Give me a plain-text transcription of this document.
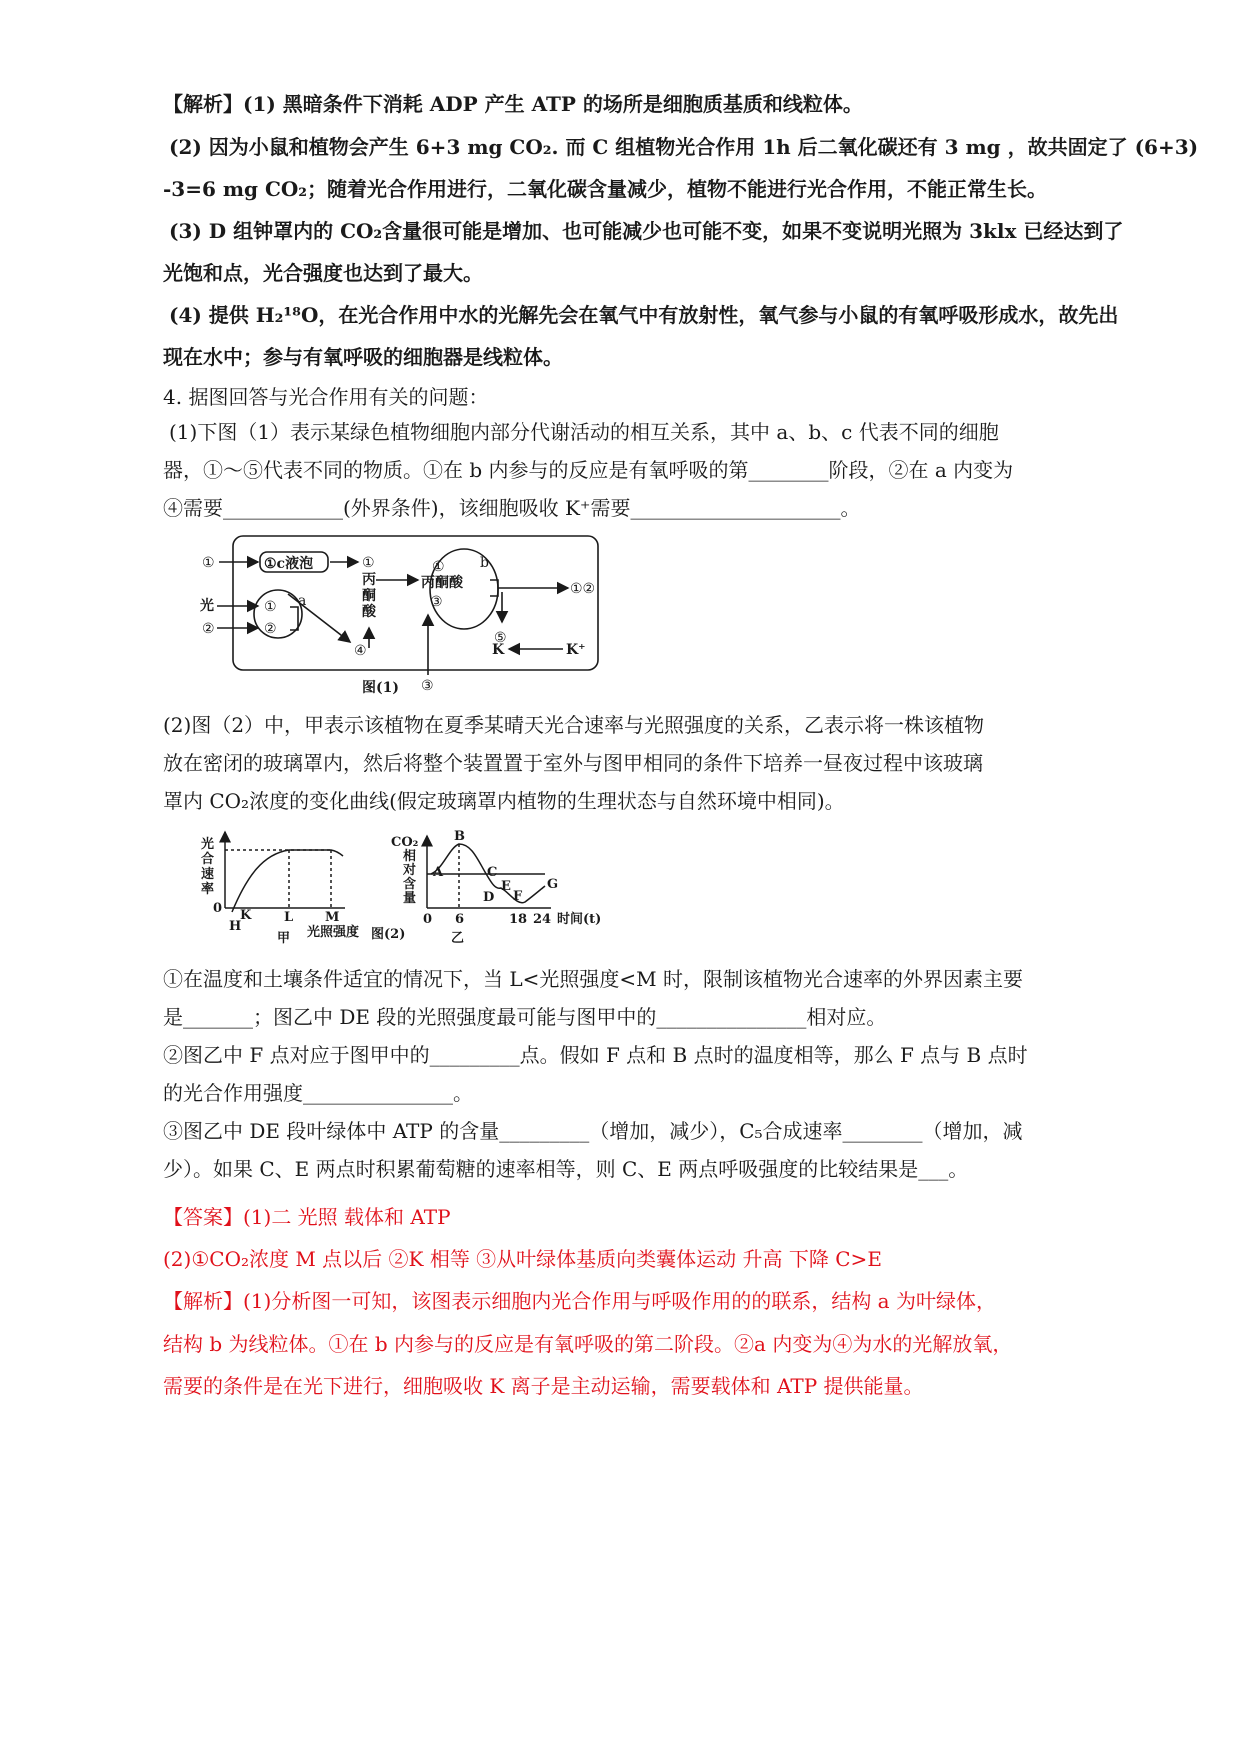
【解析】(1) 黑暗条件下消耗 ADP 产生 ATP 的场所是细胞质基质和线粒体。
(2) 因为小鼠和植物会产生 6+3 mg CO₂. 而 C 组植物光合作用 1h 后二氧化碳还有 3 mg ，故共固定了 (6+3)
-3=6 mg CO₂；随着光合作用进行，二氧化碳含量减少，植物不能进行光合作用，不能正常生长。
(3) D 组钟罩内的 CO₂含量很可能是增加、也可能减少也可能不变，如果不变说明光照为 3klx 已经达到了
光饱和点，光合强度也达到了最大。
(4) 提供 H₂¹⁸O，在光合作用中水的光解先会在氧气中有放射性，氧气参与小鼠的有氧呼吸形成水，故先出
现在水中；参与有氧呼吸的细胞器是线粒体。
4. 据图回答与光合作用有关的问题：
(1)下图（1）表示某绿色植物细胞内部分代谢活动的相互关系，其中 a、b、c 代表不同的细胞
器，①～⑤代表不同的物质。①在 b 内参与的反应是有氧呼吸的第________阶段，②在 a 内变为
④需要____________(外界条件)，该细胞吸收 K⁺需要_____________________。
①	①c液泡	①
丙
酮
酸
①
丙酮酸
③
b
①②
光
②
①
②
a
④
⑤
K	K⁺
③
图(1)
(2)图（2）中，甲表示该植物在夏季某晴天光合速率与光照强度的关系，乙表示将一株该植物
放在密闭的玻璃罩内，然后将整个装置置于室外与图甲相同的条件下培养一昼夜过程中该玻璃
罩内 CO₂浓度的变化曲线(假定玻璃罩内植物的生理状态与自然环境中相同)。
光
合
速
率
0
H
K	L M
光照强度
甲
CO₂
相
对
含
量
A
B
C
D
E
F
G
0 6	18 24 时间(t)
乙
图(2)
①在温度和土壤条件适宜的情况下，当 L<光照强度<M 时，限制该植物光合速率的外界因素主要
是_______；图乙中 DE 段的光照强度最可能与图甲中的_______________相对应。
②图乙中 F 点对应于图甲中的_________点。假如 F 点和 B 点时的温度相等，那么 F 点与 B 点时
的光合作用强度_______________。
③图乙中 DE 段叶绿体中 ATP 的含量_________（增加，减少），C₅合成速率________（增加，减
少）。如果 C、E 两点时积累葡萄糖的速率相等，则 C、E 两点呼吸强度的比较结果是___。
【答案】(1)二 光照 载体和 ATP
(2)①CO₂浓度 M 点以后 ②K 相等 ③从叶绿体基质向类囊体运动 升高 下降 C>E
【解析】(1)分析图一可知，该图表示细胞内光合作用与呼吸作用的的联系，结构 a 为叶绿体，
结构 b 为线粒体。①在 b 内参与的反应是有氧呼吸的第二阶段。②a 内变为④为水的光解放氧，
需要的条件是在光下进行，细胞吸收 K 离子是主动运输，需要载体和 ATP 提供能量。
